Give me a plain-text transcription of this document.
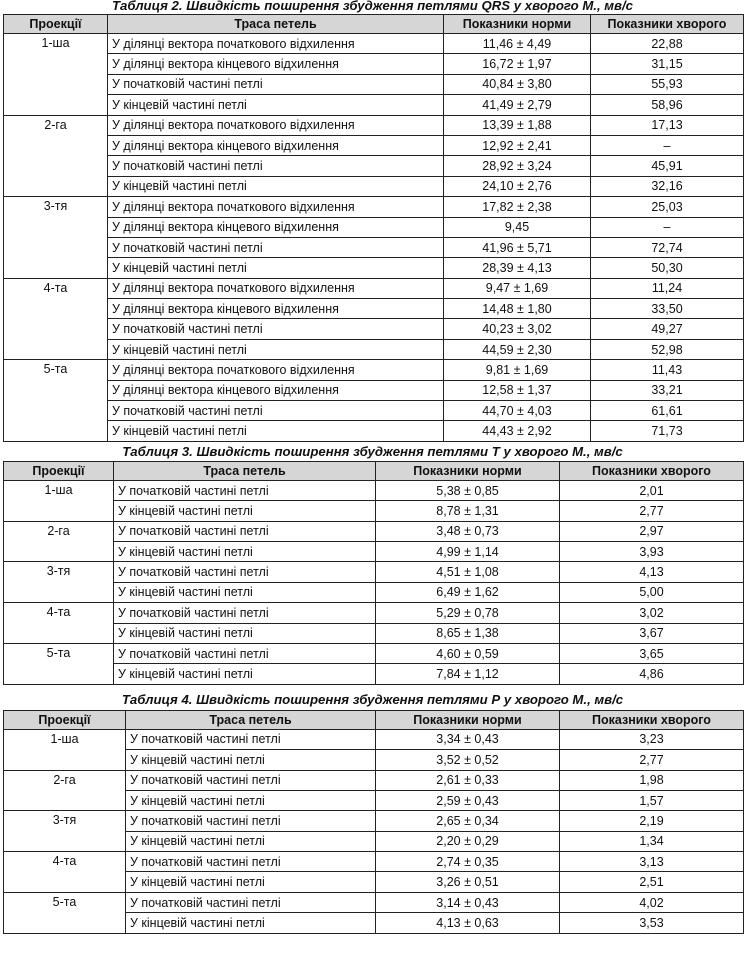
Таблиця 2. Швидкість поширення збудження петлями QRS у хворого М., мв/с
Проекції	Траса петель	Показники норми	Показники хворого
1-ша	У ділянці вектора початкового відхилення	11,46 ± 4,49	22,88
	У ділянці вектора кінцевого відхилення	16,72 ± 1,97	31,15
	У початковій частині петлі	40,84 ± 3,80	55,93
	У кінцевій частині петлі	41,49 ± 2,79	58,96
2-га	У ділянці вектора початкового відхилення	13,39 ± 1,88	17,13
	У ділянці вектора кінцевого відхилення	12,92 ± 2,41	–
	У початковій частині петлі	28,92 ± 3,24	45,91
	У кінцевій частині петлі	24,10 ± 2,76	32,16
3-тя	У ділянці вектора початкового відхилення	17,82 ± 2,38	25,03
	У ділянці вектора кінцевого відхилення	9,45	–
	У початковій частині петлі	41,96 ± 5,71	72,74
	У кінцевій частині петлі	28,39 ± 4,13	50,30
4-та	У ділянці вектора початкового відхилення	9,47 ± 1,69	11,24
	У ділянці вектора кінцевого відхилення	14,48 ± 1,80	33,50
	У початковій частині петлі	40,23 ± 3,02	49,27
	У кінцевій частині петлі	44,59 ± 2,30	52,98
5-та	У ділянці вектора початкового відхилення	9,81 ± 1,69	11,43
	У ділянці вектора кінцевого відхилення	12,58 ± 1,37	33,21
	У початковій частині петлі	44,70 ± 4,03	61,61
	У кінцевій частині петлі	44,43 ± 2,92	71,73
Таблиця 3. Швидкість поширення збудження петлями Т у хворого М., мв/с
Проекції	Траса петель	Показники норми	Показники хворого
1-ша	У початковій частині петлі	5,38 ± 0,85	2,01
	У кінцевій частині петлі	8,78 ± 1,31	2,77
2-га	У початковій частині петлі	3,48 ± 0,73	2,97
	У кінцевій частині петлі	4,99 ± 1,14	3,93
3-тя	У початковій частині петлі	4,51 ± 1,08	4,13
	У кінцевій частині петлі	6,49 ± 1,62	5,00
4-та	У початковій частині петлі	5,29 ± 0,78	3,02
	У кінцевій частині петлі	8,65 ± 1,38	3,67
5-та	У початковій частині петлі	4,60 ± 0,59	3,65
	У кінцевій частині петлі	7,84 ± 1,12	4,86
Таблиця 4. Швидкість поширення збудження петлями Р у хворого М., мв/с
Проекції	Траса петель	Показники норми	Показники хворого
1-ша	У початковій частині петлі	3,34 ± 0,43	3,23
	У кінцевій частині петлі	3,52 ± 0,52	2,77
2-га	У початковій частині петлі	2,61 ± 0,33	1,98
	У кінцевій частині петлі	2,59 ± 0,43	1,57
3-тя	У початковій частині петлі	2,65 ± 0,34	2,19
	У кінцевій частині петлі	2,20 ± 0,29	1,34
4-та	У початковій частині петлі	2,74 ± 0,35	3,13
	У кінцевій частині петлі	3,26 ± 0,51	2,51
5-та	У початковій частині петлі	3,14 ± 0,43	4,02
	У кінцевій частині петлі	4,13 ± 0,63	3,53
